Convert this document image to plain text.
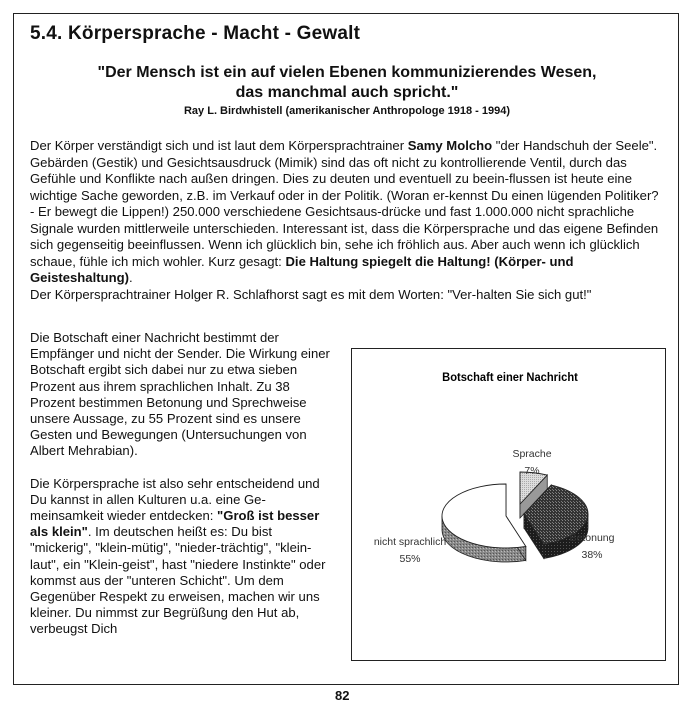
5.4. Körpersprache - Macht - Gewalt
"Der Mensch ist ein auf vielen Ebenen kommunizierendes Wesen,
das manchmal auch spricht."
Ray L. Birdwhistell (amerikanischer Anthropologe 1918 - 1994)

Der Körper verständigt sich und ist laut dem Körpersprachtrainer Samy Molcho "der Handschuh der Seele". Gebärden (Gestik) und Gesichtsausdruck (Mimik) sind das oft nicht zu kontrollierende Ventil, durch das Gefühle und Konflikte nach außen dringen. Dies zu deuten und eventuell zu beein-flussen ist heute eine wichtige Sache geworden, z.B. im Verkauf oder in der Politik. (Woran er-kennst Du einen lügenden Politiker? - Er bewegt die Lippen!) 250.000 verschiedene Gesichtsaus-drücke und fast 1.000.000 nicht sprachliche Signale wurden mittlerweile unterschieden. Interessant ist, dass die Körpersprache und das eigene Befinden sich gegenseitig beeinflussen. Wenn ich glücklich bin, sehe ich fröhlich aus. Aber auch wenn ich glücklich schaue, fühle ich mich wohler. Kurz gesagt: Die Haltung spiegelt die Haltung! (Körper- und Geisteshaltung).
Der Körpersprachtrainer Holger R. Schlafhorst sagt es mit dem Worten: "Ver-halten Sie sich gut!"

Die Botschaft einer Nachricht bestimmt der Empfänger und nicht der Sender. Die Wirkung einer Botschaft ergibt sich dabei nur zu etwa sieben Prozent aus ihrem sprachlichen Inhalt. Zu 38 Prozent bestimmen Betonung und Sprechweise unsere Aussage, zu 55 Prozent sind es unsere Gesten und Bewegungen (Untersuchungen von Albert Mehrabian).

Die Körpersprache ist also sehr entscheidend und Du kannst in allen Kulturen u.a. eine Ge-meinsamkeit wieder entdecken: "Groß ist besser als klein". Im deutschen heißt es: Du bist "mickerig", "klein-mütig", "nieder-trächtig", "klein-laut", ein "Klein-geist", hast "niedere Instinkte" oder kommst aus der "unteren Schicht". Um dem Gegenüber Respekt zu erweisen, machen wir uns kleiner. Du nimmst zur Begrüßung den Hut ab, verbeugst Dich

Botschaft einer Nachricht
Sprache
7%
Betonung
38%
nicht sprachlich
55%
82
